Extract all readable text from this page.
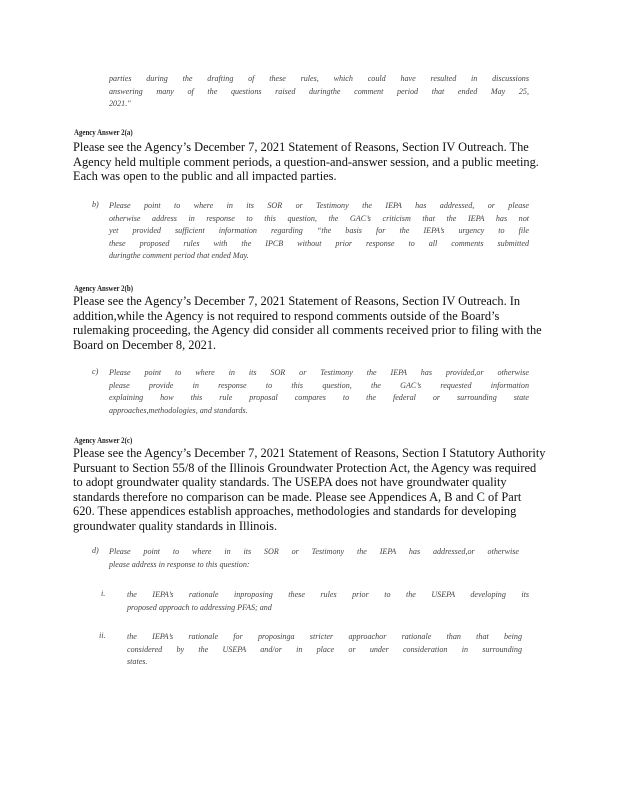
parties during the drafting of these rules, which could have resulted in discussions
answering many of the questions raised duringthe comment period that ended May 25,
2021."
Agency Answer 2(a)
Please see the Agency’s December 7, 2021 Statement of Reasons, Section IV Outreach. The
Agency held multiple comment periods, a question-and-answer session, and a public meeting.
Each was open to the public and all impacted parties.
b) Please point to where in its SOR or Testimony the IEPA has addressed, or please
otherwise address in response to this question, the GAC’s criticism that the IEPA has not
yet provided sufficient information regarding “the basis for the IEPA’s urgency to file
these proposed rules with the IPCB without prior response to all comments submitted
duringthe comment period that ended May.
Agency Answer 2(b)
Please see the Agency’s December 7, 2021 Statement of Reasons, Section IV Outreach. In
addition,while the Agency is not required to respond comments outside of the Board’s
rulemaking proceeding, the Agency did consider all comments received prior to filing with the
Board on December 8, 2021.
c) Please point to where in its SOR or Testimony the IEPA has provided,or otherwise
please provide in response to this question, the GAC’s requested information
explaining how this rule proposal compares to the federal or surrounding state
approaches,methodologies, and standards.
Agency Answer 2(c)
Please see the Agency’s December 7, 2021 Statement of Reasons, Section I Statutory Authority
Pursuant to Section 55/8 of the Illinois Groundwater Protection Act, the Agency was required
to adopt groundwater quality standards. The USEPA does not have groundwater quality
standards therefore no comparison can be made. Please see Appendices A, B and C of Part
620. These appendices establish approaches, methodologies and standards for developing
groundwater quality standards in Illinois.
d) Please point to where in its SOR or Testimony the IEPA has addressed,or otherwise
please address in response to this question:
i.	the IEPA’s rationale inproposing these rules prior to the USEPA developing its
proposed approach to addressing PFAS; and
ii.	the IEPA’s rationale for proposinga stricter approachor rationale than that being
considered by the USEPA and/or in place or under consideration in surrounding
states.
